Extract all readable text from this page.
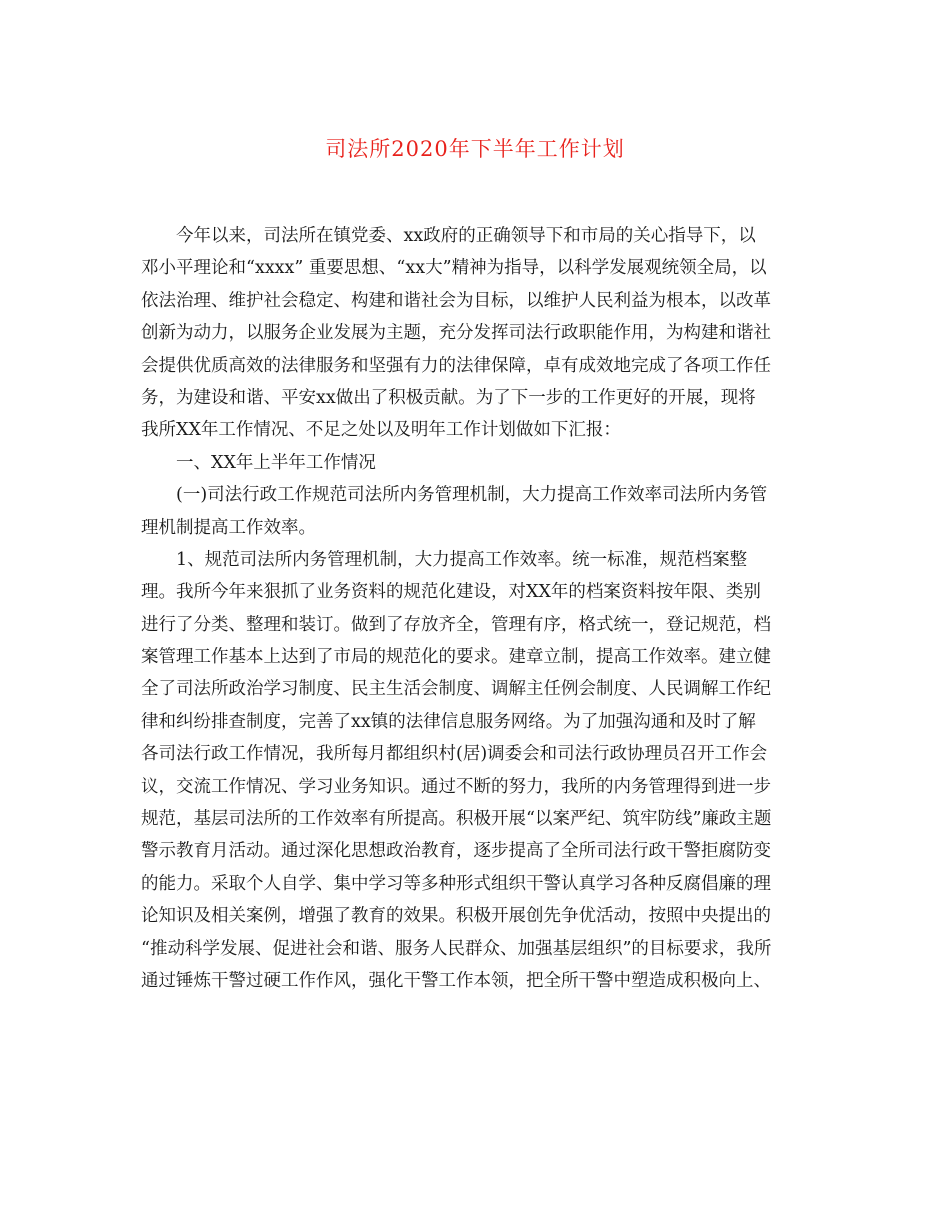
司法所2020年下半年工作计划
今年以来，司法所在镇党委、xx政府的正确领导下和市局的关心指导下，以
邓小平理论和“xxxx” 重要思想、“xx大”精神为指导，以科学发展观统领全局，以
依法治理、维护社会稳定、构建和谐社会为目标，以维护人民利益为根本，以改革
创新为动力，以服务企业发展为主题，充分发挥司法行政职能作用，为构建和谐社
会提供优质高效的法律服务和坚强有力的法律保障，卓有成效地完成了各项工作任
务，为建设和谐、平安xx做出了积极贡献。为了下一步的工作更好的开展，现将
我所XX年工作情况、不足之处以及明年工作计划做如下汇报：
一、XX年上半年工作情况
(一)司法行政工作规范司法所内务管理机制，大力提高工作效率司法所内务管
理机制提高工作效率。
1、规范司法所内务管理机制，大力提高工作效率。统一标准，规范档案整
理。我所今年来狠抓了业务资料的规范化建设，对XX年的档案资料按年限、类别
进行了分类、整理和装订。做到了存放齐全，管理有序，格式统一，登记规范，档
案管理工作基本上达到了市局的规范化的要求。建章立制，提高工作效率。建立健
全了司法所政治学习制度、民主生活会制度、调解主任例会制度、人民调解工作纪
律和纠纷排查制度，完善了xx镇的法律信息服务网络。为了加强沟通和及时了解
各司法行政工作情况，我所每月都组织村(居)调委会和司法行政协理员召开工作会
议，交流工作情况、学习业务知识。通过不断的努力，我所的内务管理得到进一步
规范，基层司法所的工作效率有所提高。积极开展“以案严纪、筑牢防线”廉政主题
警示教育月活动。通过深化思想政治教育，逐步提高了全所司法行政干警拒腐防变
的能力。采取个人自学、集中学习等多种形式组织干警认真学习各种反腐倡廉的理
论知识及相关案例，增强了教育的效果。积极开展创先争优活动，按照中央提出的
“推动科学发展、促进社会和谐、服务人民群众、加强基层组织”的目标要求，我所
通过锤炼干警过硬工作作风，强化干警工作本领，把全所干警中塑造成积极向上、
